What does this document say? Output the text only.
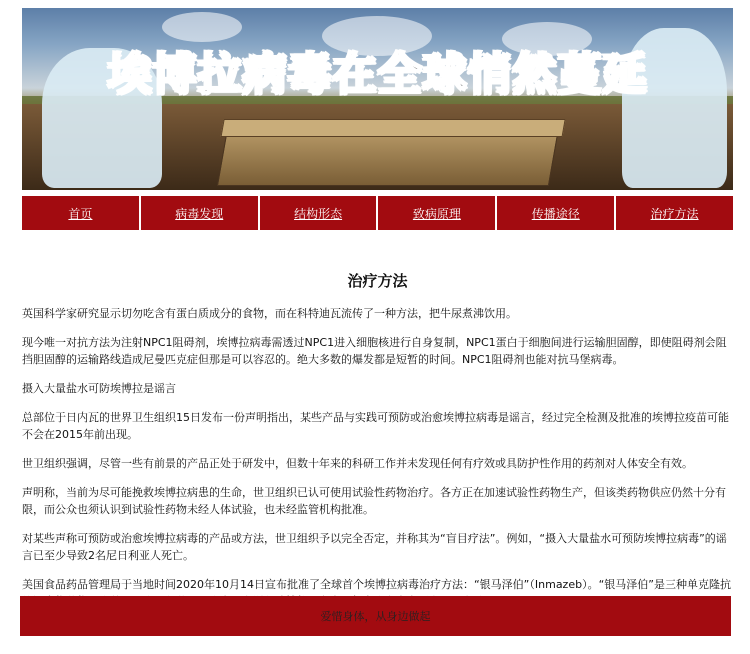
埃博拉病毒在全球悄然蔓延
首页	病毒发现	结构形态	致病原理	传播途径	治疗方法
治疗方法

英国科学家研究显示切勿吃含有蛋白质成分的食物，而在科特迪瓦流传了一种方法，把牛尿煮沸饮用。

现今唯一对抗方法为注射NPC1阻碍剂，埃博拉病毒需透过NPC1进入细胞核进行自身复制，NPC1蛋白于细胞间进行运输胆固醇，即使阻碍剂会阻挡胆固醇的运输路线造成尼曼匹克症但那是可以容忍的。绝大多数的爆发都是短暂的时间。NPC1阻碍剂也能对抗马堡病毒。

摄入大量盐水可防埃博拉是谣言

总部位于日内瓦的世界卫生组织15日发布一份声明指出，某些产品与实践可预防或治愈埃博拉病毒是谣言，经过完全检测及批准的埃博拉疫苗可能不会在2015年前出现。

世卫组织强调，尽管一些有前景的产品正处于研发中，但数十年来的科研工作并未发现任何有疗效或具防护性作用的药剂对人体安全有效。

声明称，当前为尽可能挽救埃博拉病患的生命，世卫组织已认可使用试验性药物治疗。各方正在加速试验性药物生产，但该类药物供应仍然十分有限，而公众也须认识到试验性药物未经人体试验，也未经监管机构批准。

对某些声称可预防或治愈埃博拉病毒的产品或方法，世卫组织予以完全否定，并称其为“盲目疗法”。例如，“摄入大量盐水可预防埃博拉病毒”的谣言已至少导致2名尼日利亚人死亡。

美国食品药品管理局于当地时间2020年10月14日宣布批准了全球首个埃博拉病毒治疗方法：“银马泽伯”（Inmazeb）。“银马泽伯”是三种单克隆抗

爱惜身体，从身边做起
